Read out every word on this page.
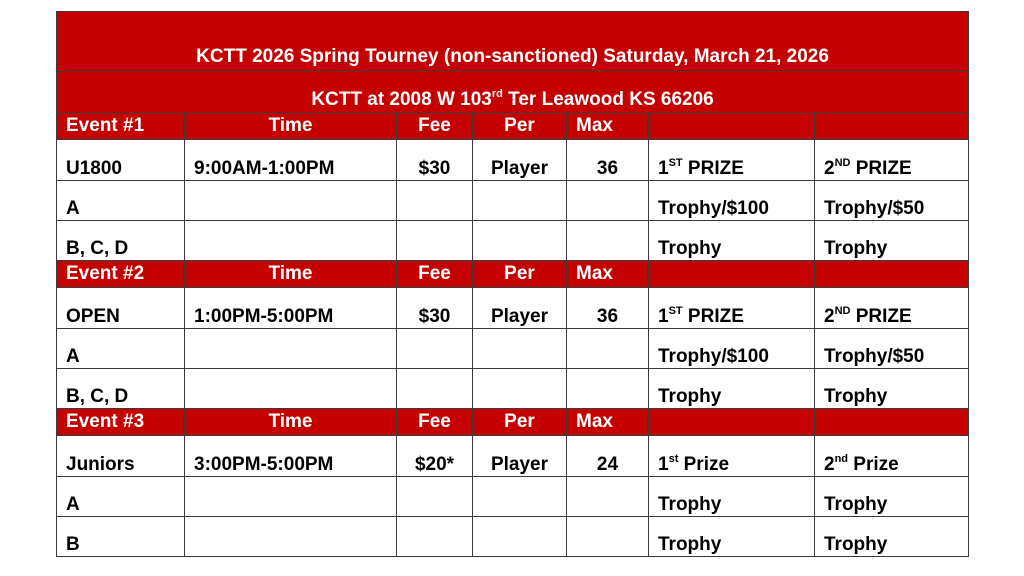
KCTT 2026 Spring Tourney (non-sanctioned) Saturday, March 21, 2026						
KCTT at 2008 W 103rd Ter Leawood KS 66206						
Event #1	Time	Fee	Per	Max		
U1800	9:00AM-1:00PM	$30	Player	36	1ST PRIZE	2ND PRIZE
A					Trophy/$100	Trophy/$50
B, C, D					Trophy	Trophy
Event #2	Time	Fee	Per	Max		
OPEN	1:00PM-5:00PM	$30	Player	36	1ST PRIZE	2ND PRIZE
A					Trophy/$100	Trophy/$50
B, C, D					Trophy	Trophy
Event #3	Time	Fee	Per	Max		
Juniors	3:00PM-5:00PM	$20*	Player	24	1st Prize	2nd Prize
A					Trophy	Trophy
B					Trophy	Trophy
